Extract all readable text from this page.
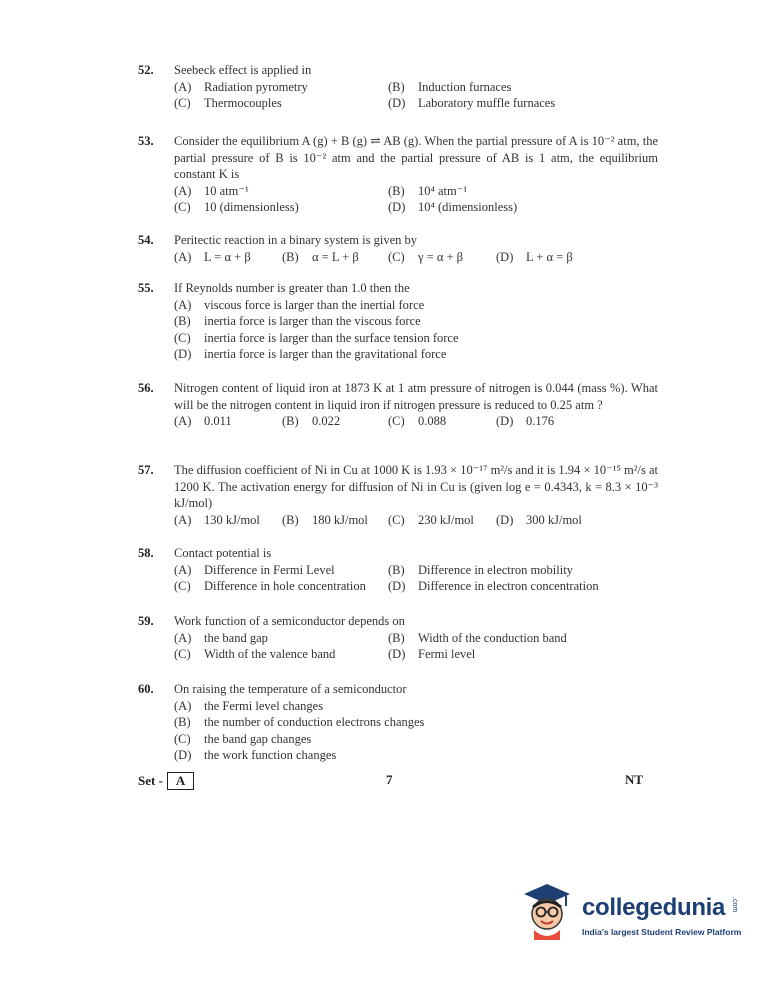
52. Seebeck effect is applied in
(A) Radiation pyrometry	(B) Induction furnaces
(C) Thermocouples	(D) Laboratory muffle furnaces
53. Consider the equilibrium A (g) + B (g) ⇌ AB (g). When the partial pressure of A is 10⁻² atm, the partial pressure of B is 10⁻² atm and the partial pressure of AB is 1 atm, the equilibrium constant K is
(A) 10 atm⁻¹	(B) 10⁴ atm⁻¹
(C) 10 (dimensionless)	(D) 10⁴ (dimensionless)
54. Peritectic reaction in a binary system is given by
(A) L = α + β	(B) α = L + β (C) γ = α + β	(D) L + α = β
55. If Reynolds number is greater than 1.0 then the
(A) viscous force is larger than the inertial force
(B) inertia force is larger than the viscous force
(C) inertia force is larger than the surface tension force
(D) inertia force is larger than the gravitational force
56. Nitrogen content of liquid iron at 1873 K at 1 atm pressure of nitrogen is 0.044 (mass %). What will be the nitrogen content in liquid iron if nitrogen pressure is reduced to 0.25 atm ?
(A) 0.011	(B) 0.022	(C) 0.088	(D) 0.176
57. The diffusion coefficient of Ni in Cu at 1000 K is 1.93 × 10⁻¹⁷ m²/s and it is 1.94 × 10⁻¹⁵ m²/s at 1200 K. The activation energy for diffusion of Ni in Cu is (given log e = 0.4343, k = 8.3 × 10⁻³ kJ/mol)
(A) 130 kJ/mol (B) 180 kJ/mol (C) 230 kJ/mol (D) 300 kJ/mol
58. Contact potential is
(A) Difference in Fermi Level	(B) Difference in electron mobility
(C) Difference in hole concentration (D) Difference in electron concentration
59. Work function of a semiconductor depends on
(A) the band gap	(B) Width of the conduction band
(C) Width of the valence band	(D) Fermi level
60. On raising the temperature of a semiconductor
(A) the Fermi level changes
(B) the number of conduction electrons changes
(C) the band gap changes
(D) the work function changes
Set - A	7	NT
collegedunia .com
India's largest Student Review Platform
